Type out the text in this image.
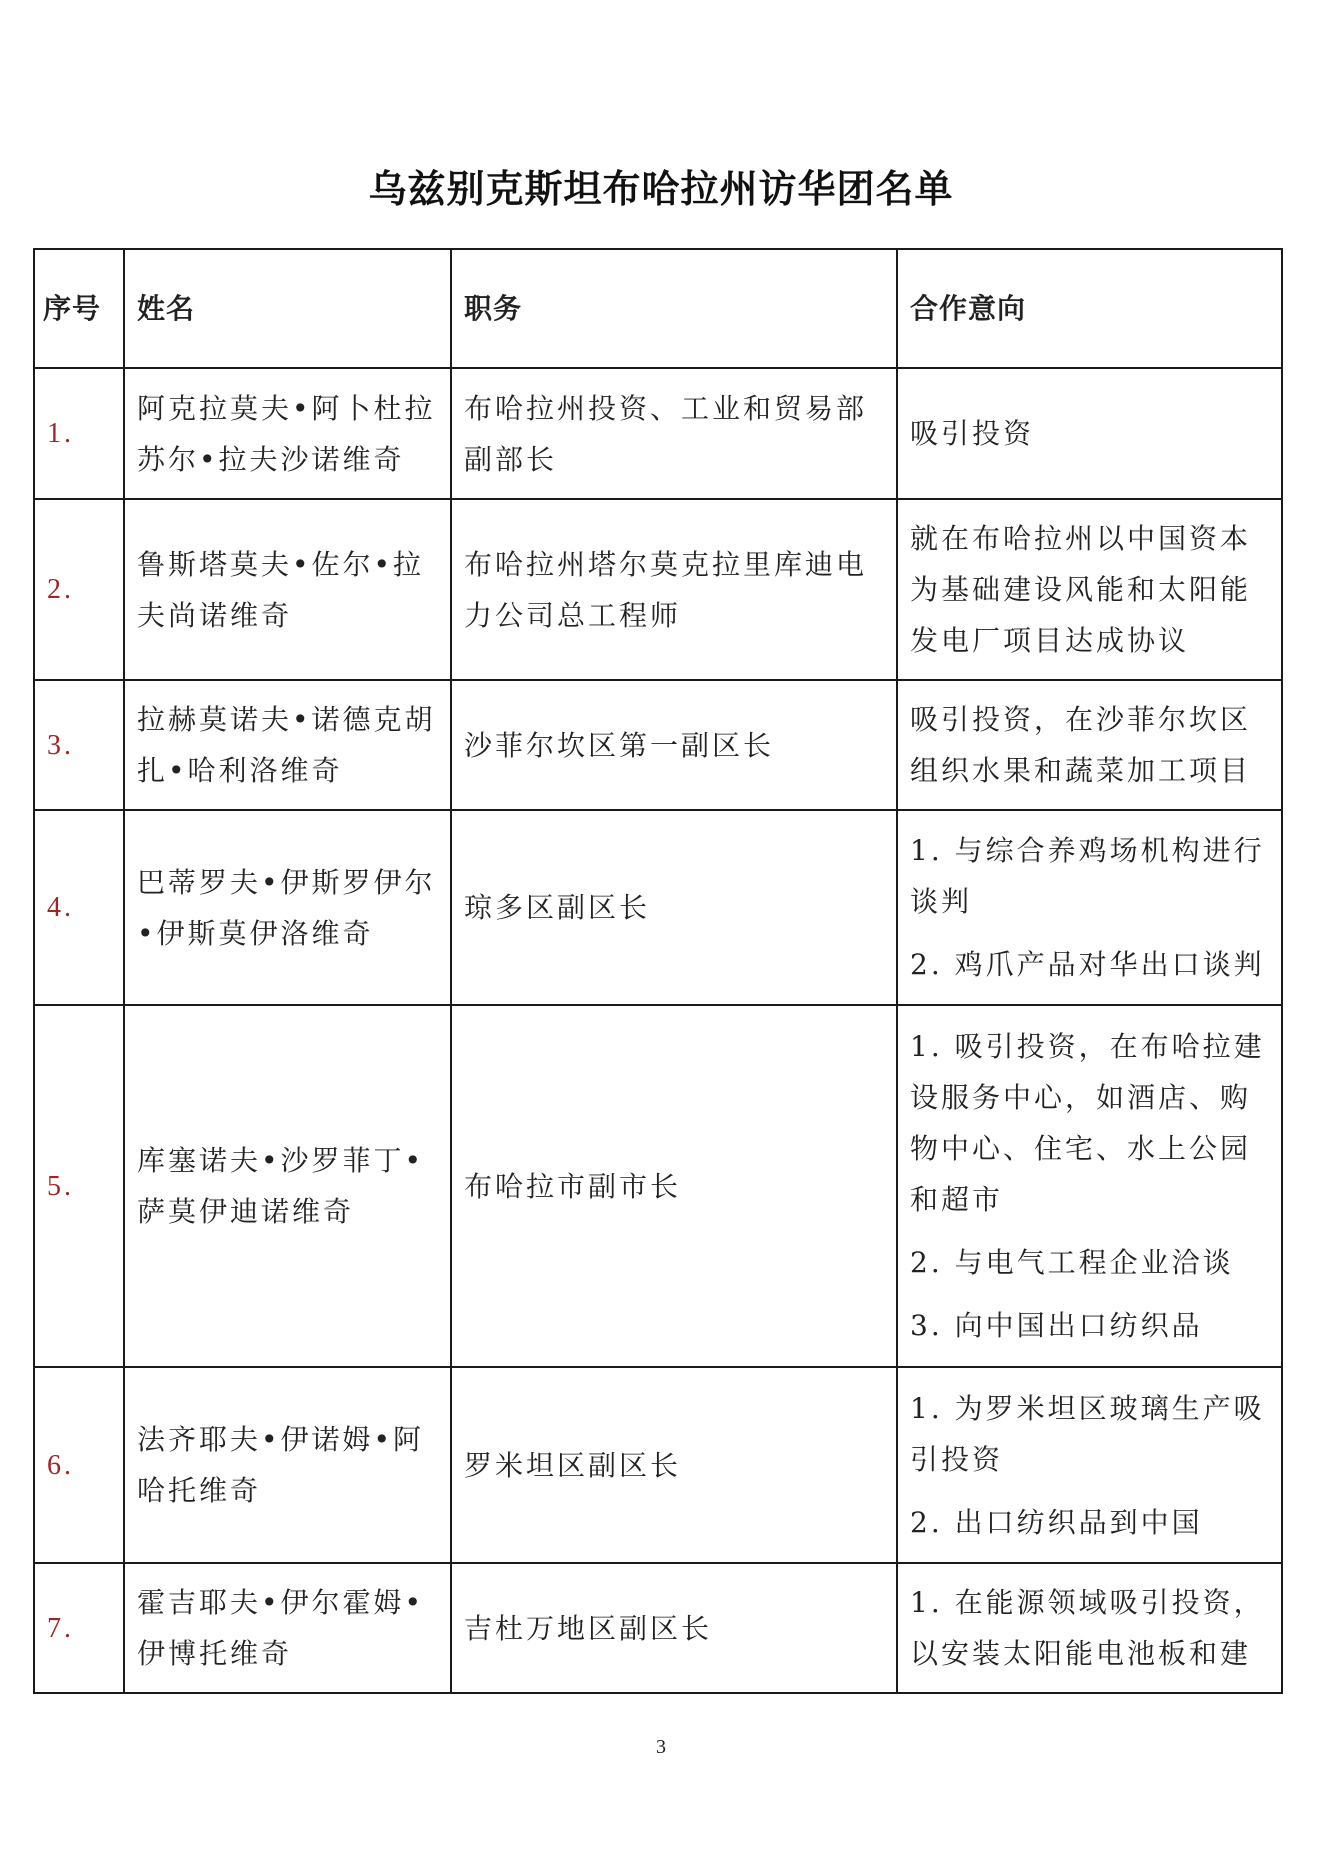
乌兹别克斯坦布哈拉州访华团名单
序号	姓名	职务	合作意向
1.	阿克拉莫夫•阿卜杜拉苏尔•拉夫沙诺维奇	布哈拉州投资、工业和贸易部副部长	吸引投资

2.	鲁斯塔莫夫•佐尔•拉夫尚诺维奇	布哈拉州塔尔莫克拉里库迪电力公司总工程师	就在布哈拉州以中国资本为基础建设风能和太阳能发电厂项目达成协议

3.	拉赫莫诺夫•诺德克胡扎•哈利洛维奇	沙菲尔坎区第一副区长	吸引投资，在沙菲尔坎区组织水果和蔬菜加工项目

4.	巴蒂罗夫•伊斯罗伊尔•伊斯莫伊洛维奇	琼多区副区长	1. 与综合养鸡场机构进行谈判
2. 鸡爪产品对华出口谈判

5.	库塞诺夫•沙罗菲丁•萨莫伊迪诺维奇	布哈拉市副市长	1. 吸引投资，在布哈拉建设服务中心，如酒店、购物中心、住宅、水上公园和超市
2. 与电气工程企业洽谈
3. 向中国出口纺织品

6.	法齐耶夫•伊诺姆•阿哈托维奇	罗米坦区副区长	1. 为罗米坦区玻璃生产吸引投资
2. 出口纺织品到中国

7.	霍吉耶夫•伊尔霍姆•伊博托维奇	吉杜万地区副区长	1. 在能源领域吸引投资，以安装太阳能电池板和建
3
